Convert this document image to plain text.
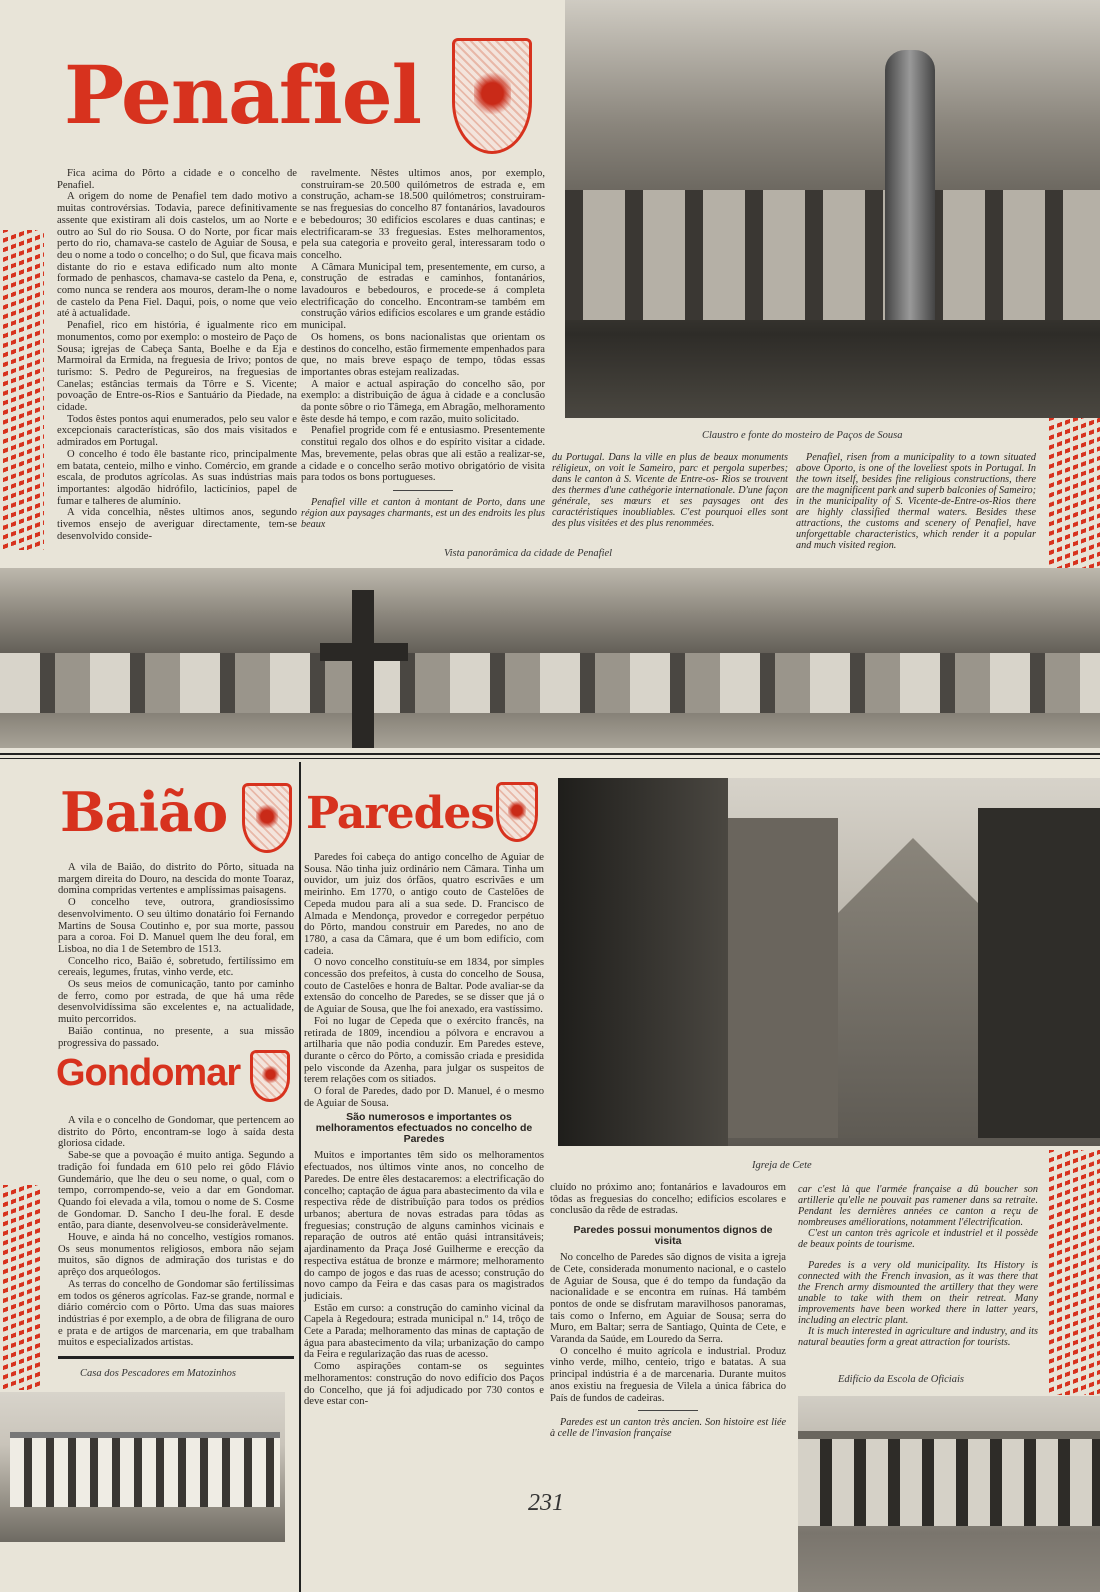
Penafiel

Fica acima do Pôrto a cidade e o concelho de Penafiel.

A origem do nome de Penafiel tem dado motivo a muitas controvérsias. Todavia, parece definitivamente assente que existiram ali dois castelos, um ao Norte e outro ao Sul do rio Sousa. O do Norte, por ficar mais perto do rio, chamava-se castelo de Aguiar de Sousa, e deu o nome a todo o concelho; o do Sul, que ficava mais distante do rio e estava edificado num alto monte formado de penhascos, chamava-se castelo da Pena, e, como nunca se rendera aos mouros, deram-lhe o nome de castelo da Pena Fiel. Daqui, pois, o nome que veio até à actualidade.

Penafiel, rico em história, é igualmente rico em monumentos, como por exemplo: o mosteiro de Paço de Sousa; igrejas de Cabeça Santa, Boelhe e da Eja e Marmoiral da Ermida, na freguesia de Irivo; pontos de turismo: S. Pedro de Pegureiros, na freguesias de Canelas; estâncias termais da Tôrre e S. Vicente; povoação de Entre-os-Rios e Santuário da Piedade, na cidade.

Todos êstes pontos aqui enumerados, pelo seu valor e excepcionais características, são dos mais visitados e admirados em Portugal.

O concelho é todo êle bastante rico, principalmente em batata, centeio, milho e vinho. Comércio, em grande escala, de produtos agrícolas. As suas indústrias mais importantes: algodão hidrófilo, lacticínios, papel de fumar e talheres de alumínio.

A vida concelhia, nêstes ultimos anos, segundo tivemos ensejo de averiguar directamente, tem-se desenvolvido conside-

ravelmente. Nêstes ultimos anos, por exemplo, construiram-se 20.500 quilómetros de estrada e, em construção, acham-se 18.500 quilómetros; construiram-se nas freguesias do concelho 87 fontanários, lavadouros e bebedouros; 30 edifícios escolares e duas cantinas; e electrificaram-se 33 freguesias. Estes melhoramentos, pela sua categoria e proveito geral, interessaram todo o concelho.

A Câmara Municipal tem, presentemente, em curso, a construção de estradas e caminhos, fontanários, lavadouros e bebedouros, e procede-se á completa electrificação do concelho. Encontram-se também em construção vários edifícios escolares e um grande estádio municipal.

Os homens, os bons nacionalistas que orientam os destinos do concelho, estão firmemente empenhados para que, no mais breve espaço de tempo, tôdas essas importantes obras estejam realizadas.

A maior e actual aspiração do concelho são, por exemplo: a distribuição de água à cidade e a conclusão da ponte sôbre o rio Tâmega, em Abragão, melhoramento êste desde há tempo, e com razão, muito solicitado.

Penafiel progride com fé e entusiasmo. Presentemente constitui regalo dos olhos e do espírito visitar a cidade. Mas, brevemente, pelas obras que ali estão a realizar-se, a cidade e o concelho serão motivo obrigatório de visita para todos os bons portugueses.

Penafiel ville et canton à montant de Porto, dans une région aux paysages charmants, est un des endroits les plus beaux

Claustro e fonte do mosteiro de Paços de Sousa

du Portugal. Dans la ville en plus de beaux monuments réligieux, on voit le Sameiro, parc et pergola superbes; dans le canton à S. Vicente de Entre-os- Rios se trouvent des thermes d'une cathégorie internationale. D'une façon générale, ses mœurs et ses paysages ont des caractéristiques inoubliables. C'est pourquoi elles sont des plus visitées et des plus renommées.

Penafiel, risen from a municipality to a town situated above Oporto, is one of the loveliest spots in Portugal. In the town itself, besides fine religious constructions, there are the magnificent park and superb balconies of Sameiro; in the municipality of S. Vicente-de-Entre-os-Rios there are highly classified thermal waters. Besides these attractions, the customs and scenery of Penafiel, have unforgettable characteristics, which render it a popular and much visited region.

Vista panorâmica da cidade de Penafiel
Baião

A vila de Baião, do distrito do Pôrto, situada na margem direita do Douro, na descida do monte Toaraz, domina compridas vertentes e amplíssimas paisagens.

O concelho teve, outrora, grandiosíssimo desenvolvimento. O seu último donatário foi Fernando Martins de Sousa Coutinho e, por sua morte, passou para a coroa. Foi D. Manuel quem lhe deu foral, em Lisboa, no dia 1 de Setembro de 1513.

Concelho rico, Baião é, sobretudo, fertilíssimo em cereais, legumes, frutas, vinho verde, etc.

Os seus meios de comunicação, tanto por caminho de ferro, como por estrada, de que há uma rêde desenvolvidíssima são excelentes e, na actualidade, muito percorridos.

Baião continua, no presente, a sua missão progressiva do passado.

Gondomar

A vila e o concelho de Gondomar, que pertencem ao distrito do Pôrto, encontram-se logo à saída desta gloriosa cidade.

Sabe-se que a povoação é muito antiga. Segundo a tradição foi fundada em 610 pelo rei gôdo Flávio Gundemário, que lhe deu o seu nome, o qual, com o tempo, corrompendo-se, veio a dar em Gondomar. Quando foi elevada a vila, tomou o nome de S. Cosme de Gondomar. D. Sancho I deu-lhe foral. E desde então, para diante, desenvolveu-se consideràvelmente.

Houve, e ainda há no concelho, vestígios romanos. Os seus monumentos religiosos, embora não sejam muitos, são dignos de admiração dos turistas e do aprêço dos arqueólogos.

As terras do concelho de Gondomar são fertilíssimas em todos os géneros agrícolas. Faz-se grande, normal e diário comércio com o Pôrto. Uma das suas maiores indústrias é por exemplo, a de obra de filigrana de ouro e prata e de artigos de marcenaria, em que trabalham muitos e especializados artistas.

Casa dos Pescadores em Matozinhos
Paredes

Paredes foi cabeça do antigo concelho de Aguiar de Sousa. Não tinha juiz ordinário nem Câmara. Tinha um ouvidor, um juiz dos órfãos, quatro escrivães e um meirinho. Em 1770, o antigo couto de Castelões de Cepeda mudou para ali a sua sede. D. Francisco de Almada e Mendonça, provedor e corregedor perpétuo do Pôrto, mandou construir em Paredes, no ano de 1780, a casa da Câmara, que é um bom edifício, com cadeia.

O novo concelho constituíu-se em 1834, por simples concessão dos prefeitos, à custa do concelho de Sousa, couto de Castelões e honra de Baltar. Pode avaliar-se da extensão do concelho de Paredes, se se disser que já o de Aguiar de Sousa, que lhe foi anexado, era vastíssimo.

Foi no lugar de Cepeda que o exército francês, na retirada de 1809, incendiou a pólvora e encravou a artilharia que não podia conduzir. Em Paredes esteve, durante o cêrco do Pôrto, a comissão criada e presidida pelo visconde da Azenha, para julgar os suspeitos de terem relações com os sitiados.

O foral de Paredes, dado por D. Manuel, é o mesmo de Aguiar de Sousa.

São numerosos e importantes os melhoramentos efectuados no concelho de Paredes

Muitos e importantes têm sido os melhoramentos efectuados, nos últimos vinte anos, no concelho de Paredes. De entre êles destacaremos: a electrificação do concelho; captação de água para abastecimento da vila e respectiva rêde de distribuïção para todos os prédios urbanos; abertura de novas estradas para tôdas as freguesias; construção de alguns caminhos vicinais e reparação de outros até então quási intransitáveis; ajardinamento da Praça José Guilherme e erecção da respectiva estátua de bronze e mármore; melhoramento do campo de jogos e das ruas de acesso; construção do novo campo da Feira e das casas para os magistrados judiciais.

Estão em curso: a construção do caminho vicinal da Capela à Regedoura; estrada municipal n.º 14, trôço de Cete a Parada; melhoramento das minas de captação de água para abastecimento da vila; urbanização do campo da Feira e regularização das ruas de acesso.

Como aspirações contam-se os seguintes melhoramentos: construção do novo edifício dos Paços do Concelho, que já foi adjudicado por 730 contos e deve estar con-

Igreja de Cete

cluído no próximo ano; fontanários e lavadouros em tôdas as freguesias do concelho; edifícios escolares e conclusão da rêde de estradas.

Paredes possui monumentos dignos de visita

No concelho de Paredes são dignos de visita a igreja de Cete, considerada monumento nacional, e o castelo de Aguiar de Sousa, que é do tempo da fundação da nacionalidade e se encontra em ruínas. Há também pontos de onde se disfrutam maravilhosos panoramas, tais como o Inferno, em Aguiar de Sousa; serra do Muro, em Baltar; serra de Santiago, Quinta de Cete, e Varanda da Saúde, em Louredo da Serra.

O concelho é muito agrícola e industrial. Produz vinho verde, milho, centeio, trigo e batatas. A sua principal indústria é a de marcenaria. Durante muitos anos existiu na freguesia de Vilela a única fábrica do País de fundos de cadeiras.

Paredes est un canton très ancien. Son histoire est liée à celle de l'invasion française

car c'est là que l'armée française a dû boucher son artillerie qu'elle ne pouvait pas ramener dans sa retraite. Pendant les dernières années ce canton a reçu de nombreuses améliorations, notamment l'électrification.

C'est un canton très agricole et industriel et il possède de beaux points de tourisme.

Paredes is a very old municipality. Its History is connected with the French invasion, as it was there that the French army dismounted the artillery that they were unable to take with them on their retreat. Many improvements have been worked there in latter years, including an electric plant.

It is much interested in agriculture and industry, and its natural beauties form a great attraction for tourists.

Edifício da Escola de Oficiais
231
